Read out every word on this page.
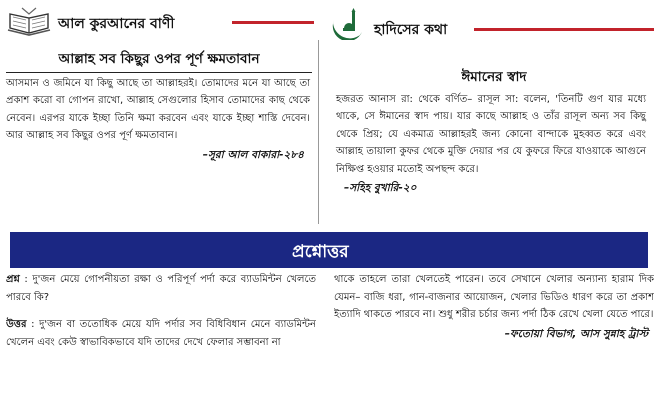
আল কুরআনের বাণী
আল্লাহ সব কিছুর ওপর পূর্ণ ক্ষমতাবান
আসমান ও জমিনে যা কিছু আছে তা আল্লাহরই। তোমাদের মনে যা আছে তা প্রকাশ করো বা গোপন রাখো, আল্লাহ সেগুলোর হিসাব তোমাদের কাছ থেকে নেবেন। এরপর যাকে ইচ্ছা তিনি ক্ষমা করবেন এবং যাকে ইচ্ছা শাস্তি দেবেন। আর আল্লাহ সব কিছুর ওপর পূর্ণ ক্ষমতাবান।
–সূরা আল বাকারা-২৮৪
হাদিসের কথা
ঈমানের স্বাদ
হজরত আনাস রা: থেকে বর্ণিত– রাসূল সা: বলেন, 'তিনটি গুণ যার মধ্যে থাকে, সে ঈমানের স্বাদ পায়। যার কাছে আল্লাহ ও তাঁর রাসূল অন্য সব কিছু থেকে প্রিয়; যে একমাত্র আল্লাহরই জন্য কোনো বান্দাকে মুহব্বত করে এবং আল্লাহ তায়ালা কুফর থেকে মুক্তি দেয়ার পর যে কুফরে ফিরে যাওয়াকে আগুনে নিক্ষিপ্ত হওয়ার মতোই অপছন্দ করে।
–সহিহ বুখারি-২০
প্রশ্নোত্তর

প্রশ্ন : দু'জন মেয়ে গোপনীয়তা রক্ষা ও পরিপূর্ণ পর্দা করে ব্যাডমিন্টন খেলতে পারবে কি?

উত্তর : দু'জন বা ততোধিক মেয়ে যদি পর্দার সব বিধিবিধান মেনে ব্যাডমিন্টন খেলেন এবং কেউ স্বাভাবিকভাবে যদি তাদের দেখে ফেলার সম্ভাবনা না

থাকে তাহলে তারা খেলতেই পারেন। তবে সেখানে খেলার অন্যান্য হারাম দিক যেমন– বাজি ধরা, গান-বাজনার আয়োজন, খেলার ভিডিও ধারণ করে তা প্রকাশ ইত্যাদি থাকতে পারবে না। শুধু শরীর চর্চার জন্য পর্দা ঠিক রেখে খেলা যেতে পারে।
–ফতোয়া বিভাগ, আস সুন্নাহ ট্রাস্ট
